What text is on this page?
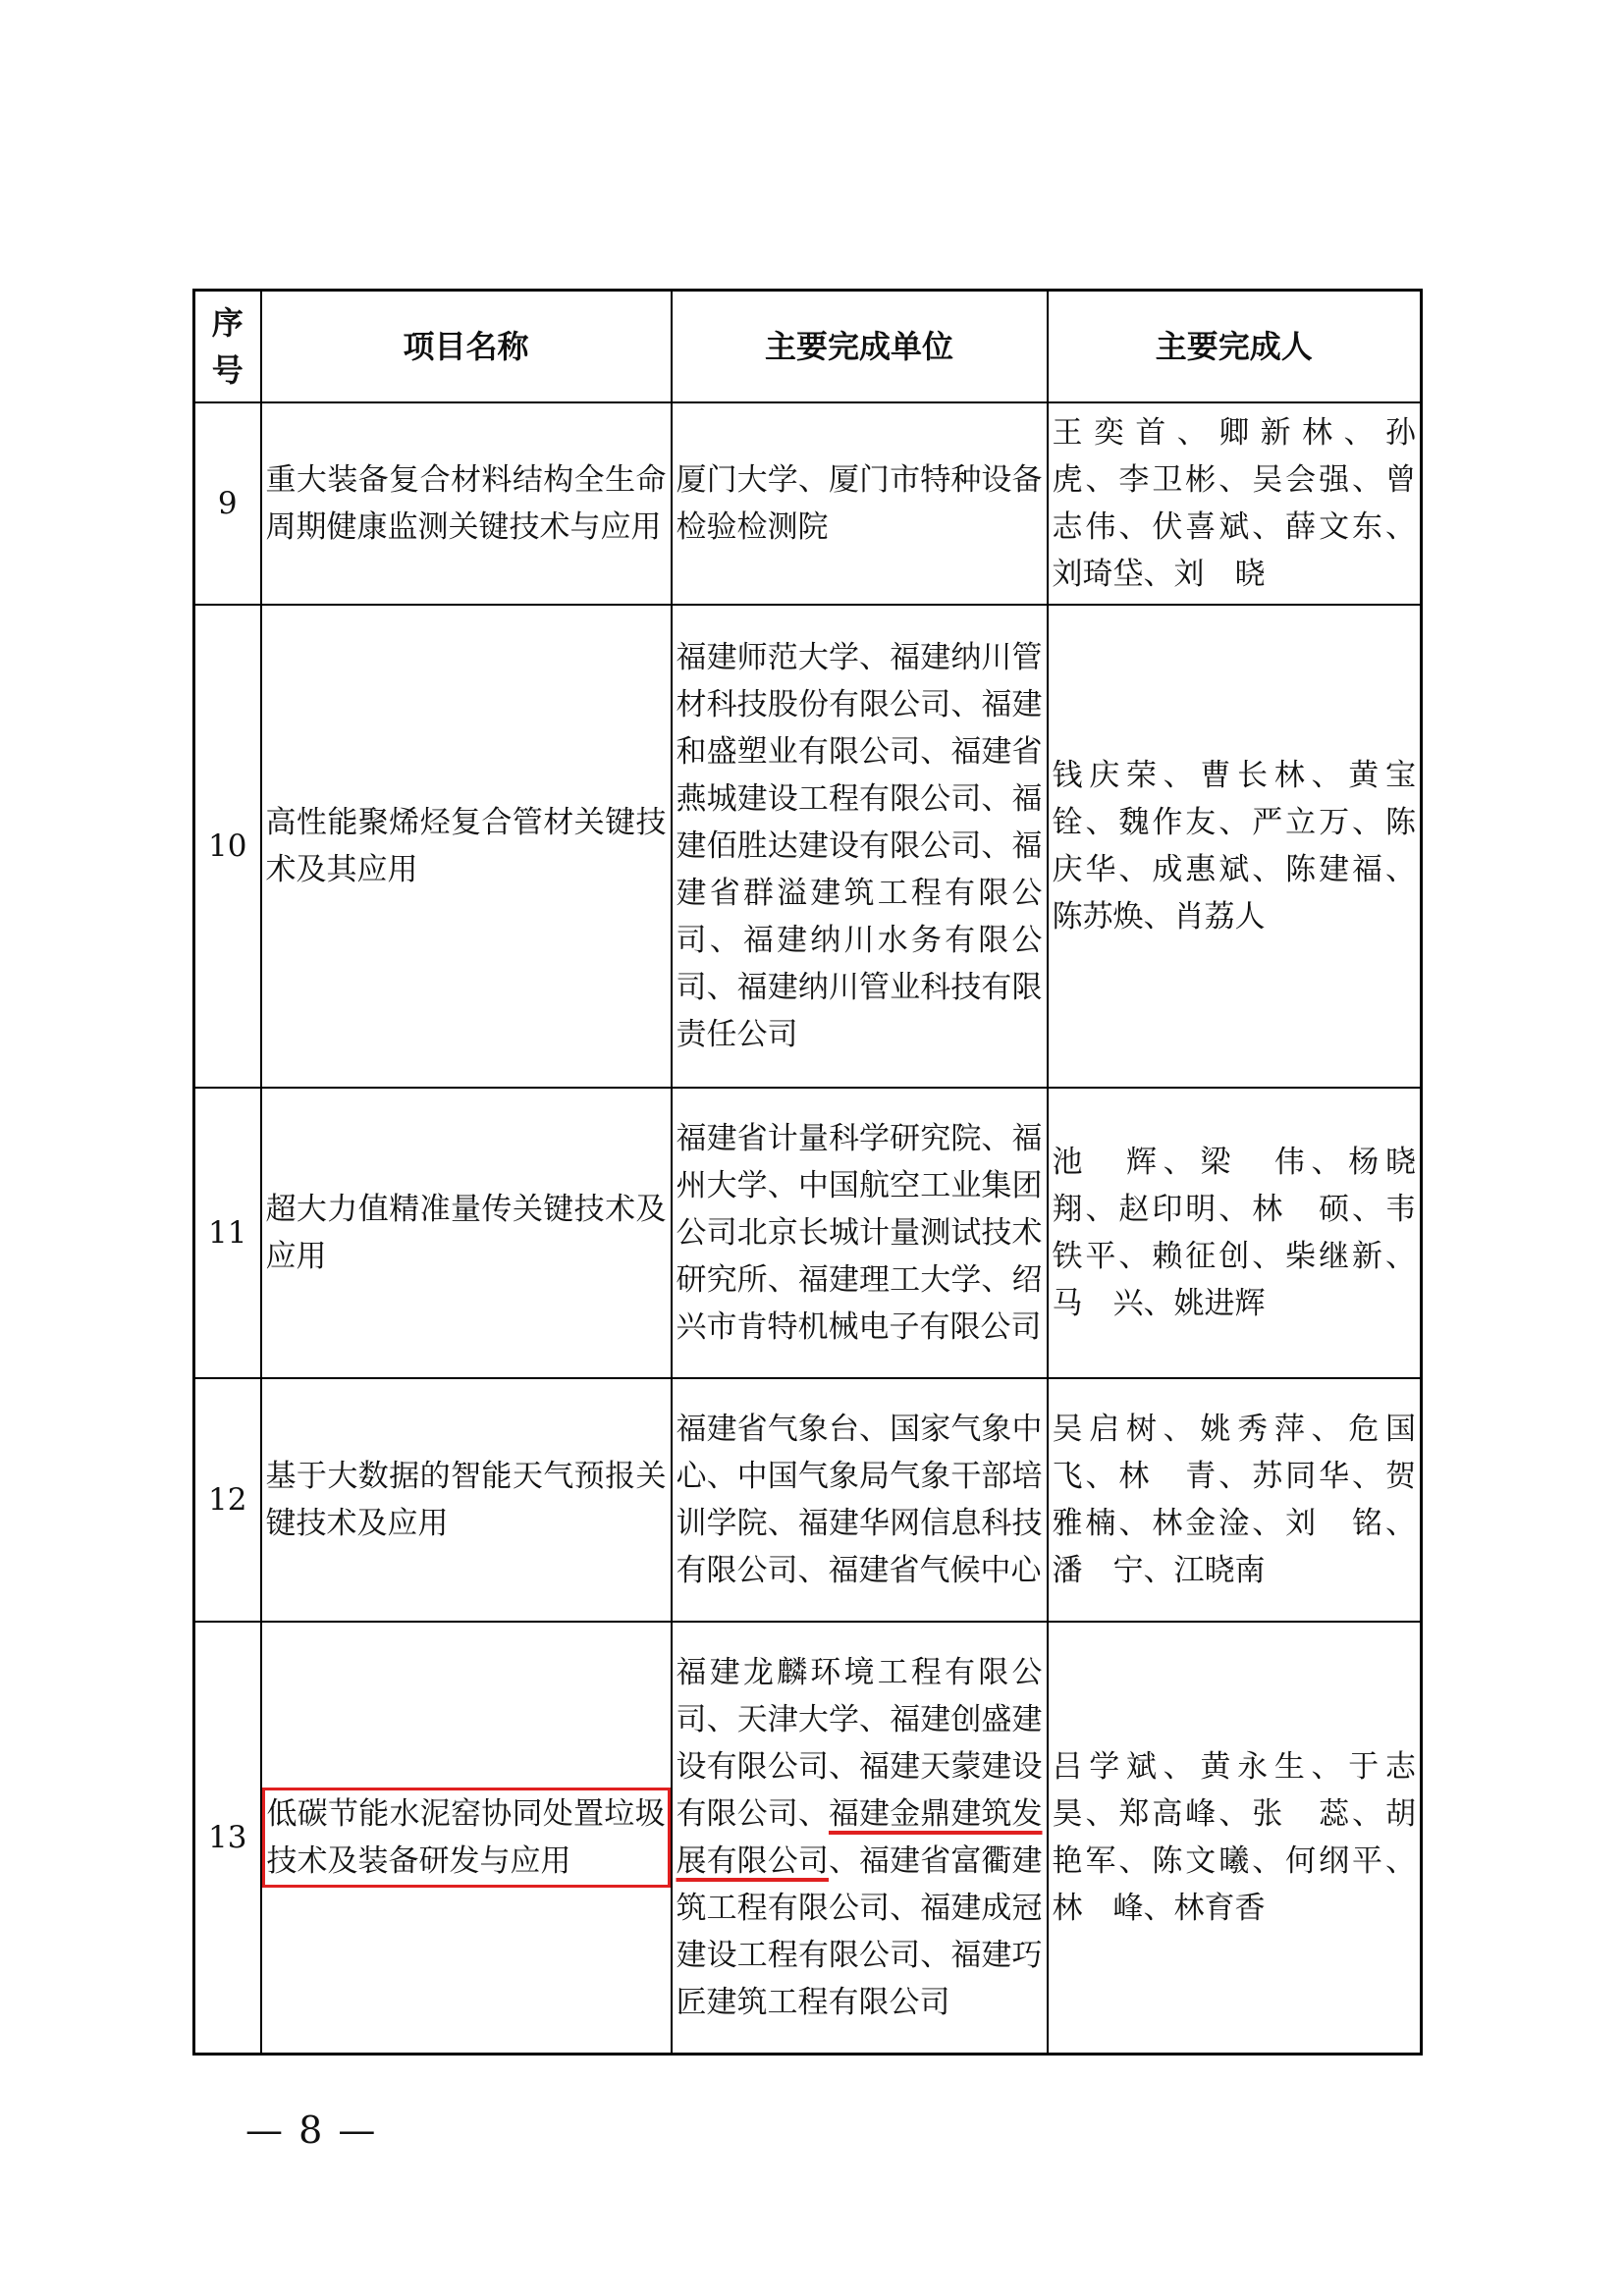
序号	项目名称	主要完成单位	主要完成人
9	重大装备复合材料结构全生命周期健康监测关键技术与应用	厦门大学、厦门市特种设备检验检测院	王奕首、卿新林、孙　虎、李卫彬、吴会强、曾志伟、伏喜斌、薛文东、刘琦垈、刘　晓
10	高性能聚烯烃复合管材关键技术及其应用	福建师范大学、福建纳川管材科技股份有限公司、福建和盛塑业有限公司、福建省燕城建设工程有限公司、福建佰胜达建设有限公司、福建省群溢建筑工程有限公司、福建纳川水务有限公司、福建纳川管业科技有限责任公司	钱庆荣、曹长林、黄宝铨、魏作友、严立万、陈庆华、成惠斌、陈建福、陈苏焕、肖荔人
11	超大力值精准量传关键技术及应用	福建省计量科学研究院、福州大学、中国航空工业集团公司北京长城计量测试技术研究所、福建理工大学、绍兴市肯特机械电子有限公司	池　辉、梁　伟、杨晓翔、赵印明、林　硕、韦铁平、赖征创、柴继新、马　兴、姚进辉
12	基于大数据的智能天气预报关键技术及应用	福建省气象台、国家气象中心、中国气象局气象干部培训学院、福建华网信息科技有限公司、福建省气候中心	吴启树、姚秀萍、危国飞、林　青、苏同华、贺雅楠、林金淦、刘　铭、潘　宁、江晓南
13	低碳节能水泥窑协同处置垃圾技术及装备研发与应用	福建龙麟环境工程有限公司、天津大学、福建创盛建设有限公司、福建天蒙建设有限公司、福建金鼎建筑发展有限公司、福建省富衢建筑工程有限公司、福建成冠建设工程有限公司、福建巧匠建筑工程有限公司	吕学斌、黄永生、于志昊、郑高峰、张　蕊、胡艳军、陈文曦、何纲平、林　峰、林育香
— 8 —
